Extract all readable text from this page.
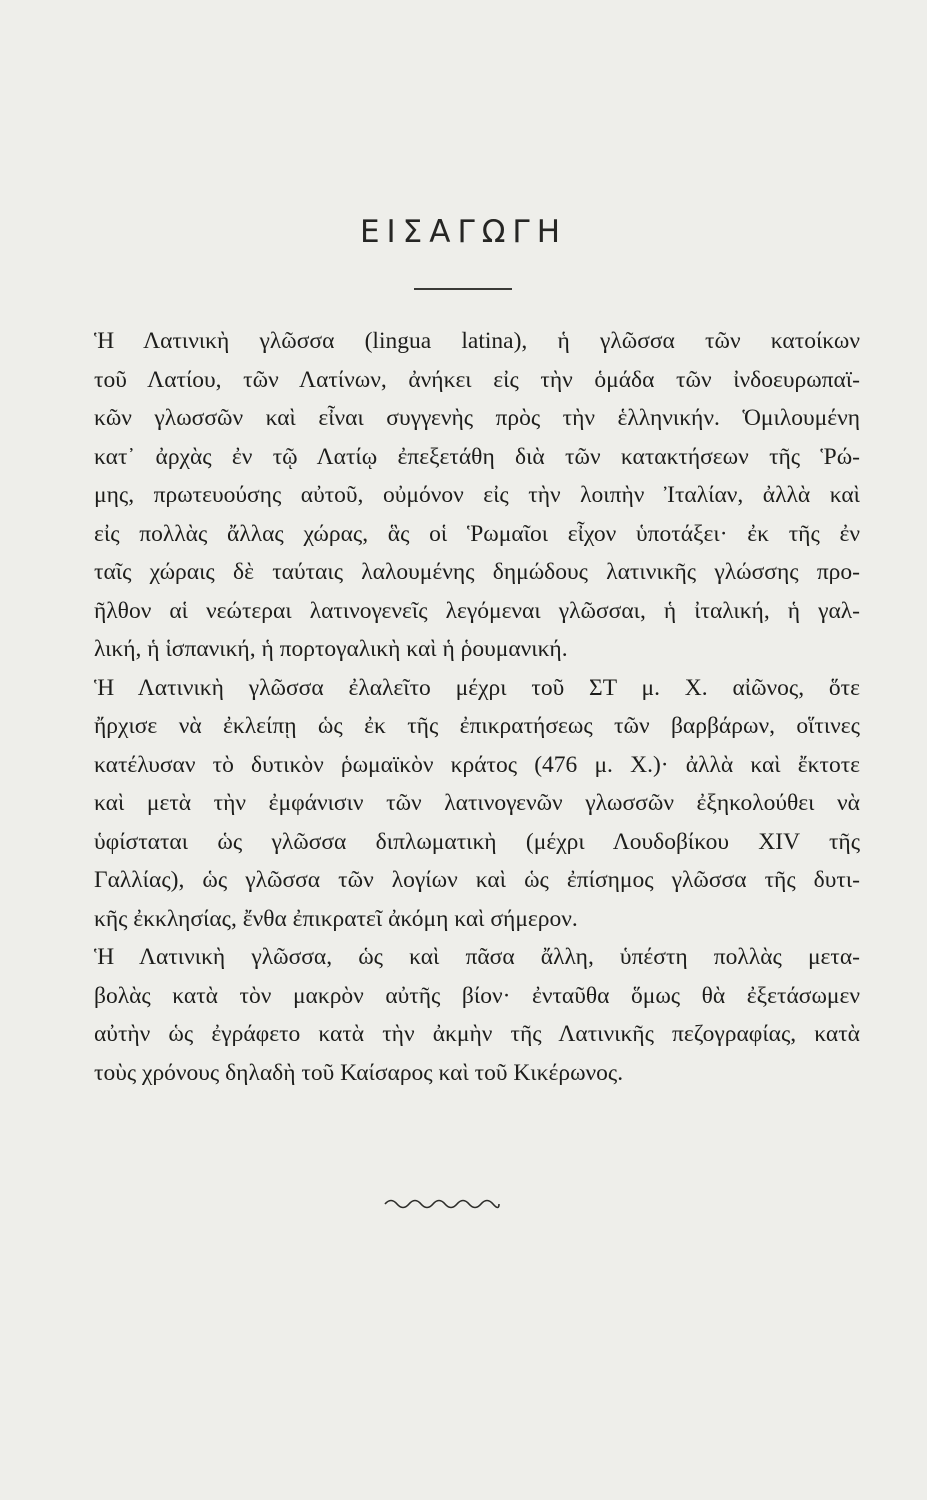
ΕΙΣΑΓΩΓΗ

Ἡ Λατινικὴ γλῶσσα (lingua latina), ἡ γλῶσσα τῶν κατοίκων
τοῦ Λατίου, τῶν Λατίνων, ἀνήκει εἰς τὴν ὁμάδα τῶν ἰνδοευρωπαϊ-
κῶν γλωσσῶν καὶ εἶναι συγγενὴς πρὸς τὴν ἑλληνικήν. Ὁμιλουμένη
κατ᾿ ἀρχὰς ἐν τῷ Λατίῳ ἐπεξετάθη διὰ τῶν κατακτήσεων τῆς Ῥώ-
μης, πρωτευούσης αὐτοῦ, οὐμόνον εἰς τὴν λοιπὴν Ἰταλίαν, ἀλλὰ καὶ
εἰς πολλὰς ἄλλας χώρας, ἃς οἱ Ῥωμαῖοι εἶχον ὑποτάξει· ἐκ τῆς ἐν
ταῖς χώραις δὲ ταύταις λαλουμένης δημώδους λατινικῆς γλώσσης προ-
ῆλθον αἱ νεώτεραι λατινογενεῖς λεγόμεναι γλῶσσαι, ἡ ἰταλική, ἡ γαλ-
λική, ἡ ἱσπανική, ἡ πορτογαλικὴ καὶ ἡ ῥουμανική.

Ἡ Λατινικὴ γλῶσσα ἐλαλεῖτο μέχρι τοῦ ΣΤ μ. Χ. αἰῶνος, ὅτε
ἤρχισε νὰ ἐκλείπῃ ὡς ἐκ τῆς ἐπικρατήσεως τῶν βαρβάρων, οἵτινες
κατέλυσαν τὸ δυτικὸν ῥωμαϊκὸν κράτος (476 μ. Χ.)· ἀλλὰ καὶ ἔκτοτε
καὶ μετὰ τὴν ἐμφάνισιν τῶν λατινογενῶν γλωσσῶν ἐξηκολούθει νὰ
ὑφίσταται ὡς γλῶσσα διπλωματικὴ (μέχρι Λουδοβίκου XIV τῆς
Γαλλίας), ὡς γλῶσσα τῶν λογίων καὶ ὡς ἐπίσημος γλῶσσα τῆς δυτι-
κῆς ἐκκλησίας, ἔνθα ἐπικρατεῖ ἀκόμη καὶ σήμερον.

Ἡ Λατινικὴ γλῶσσα, ὡς καὶ πᾶσα ἄλλη, ὑπέστη πολλὰς μετα-
βολὰς κατὰ τὸν μακρὸν αὐτῆς βίον· ἐνταῦθα ὅμως θὰ ἐξετάσωμεν
αὐτὴν ὡς ἐγράφετο κατὰ τὴν ἀκμὴν τῆς Λατινικῆς πεζογραφίας, κατὰ
τοὺς χρόνους δηλαδὴ τοῦ Καίσαρος καὶ τοῦ Κικέρωνος.
